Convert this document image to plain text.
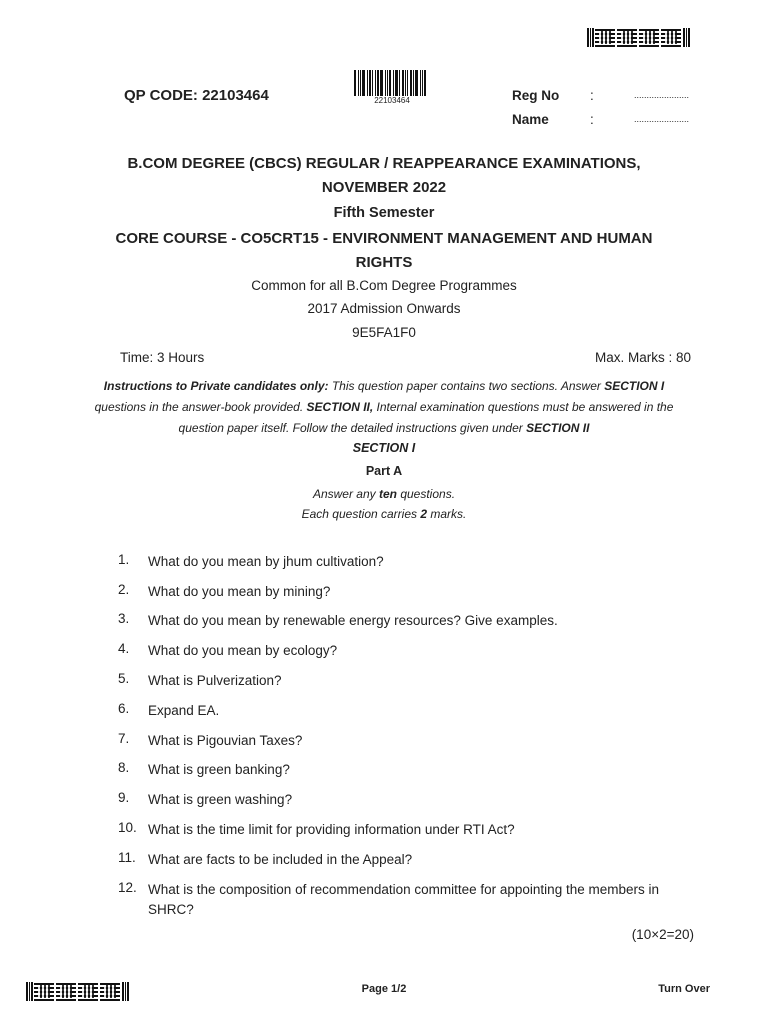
QP CODE: 22103464	22103464	Reg No :	......................
Name	:	......................
B.COM DEGREE (CBCS) REGULAR / REAPPEARANCE EXAMINATIONS,
NOVEMBER 2022
Fifth Semester
CORE COURSE - CO5CRT15 - ENVIRONMENT MANAGEMENT AND HUMAN
RIGHTS
Common for all B.Com Degree Programmes
2017 Admission Onwards
9E5FA1F0
Time: 3 Hours	Max. Marks : 80
Instructions to Private candidates only: This question paper contains two sections. Answer SECTION I
questions in the answer-book provided. SECTION II, Internal examination questions must be answered in the
question paper itself. Follow the detailed instructions given under SECTION II
SECTION I
Part A
Answer any ten questions.
Each question carries 2 marks.
1.	What do you mean by jhum cultivation?
2.	What do you mean by mining?
3.	What do you mean by renewable energy resources? Give examples.
4.	What do you mean by ecology?
5.	What is Pulverization?
6.	Expand EA.
7.	What is Pigouvian Taxes?
8.	What is green banking?
9.	What is green washing?
10. What is the time limit for providing information under RTI Act?
11. What are facts to be included in the Appeal?
12. What is the composition of recommendation committee for appointing the members in SHRC?
(10×2=20)
Page 1/2	Turn Over
